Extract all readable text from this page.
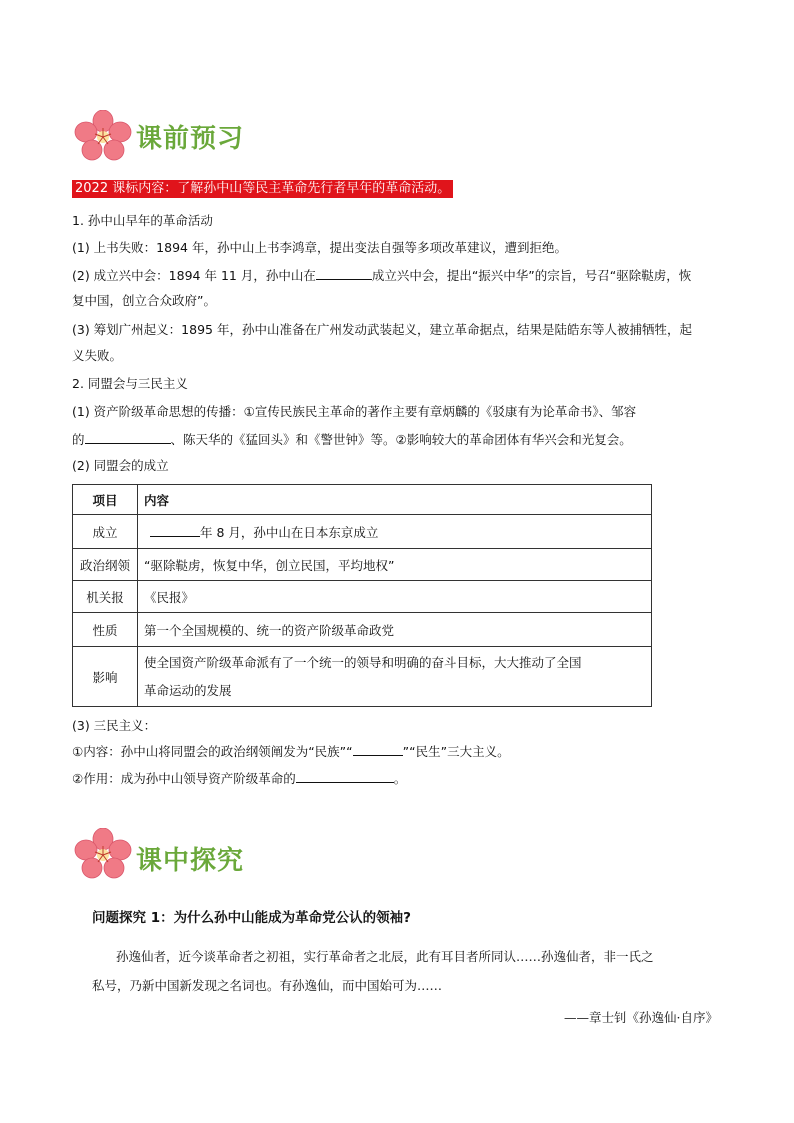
课前预习
2022 课标内容：了解孙中山等民主革命先行者早年的革命活动。
1. 孙中山早年的革命活动
(1) 上书失败：1894 年，孙中山上书李鸿章，提出变法自强等多项改革建议，遭到拒绝。
(2) 成立兴中会：1894 年 11 月，孙中山在	成立兴中会，提出“振兴中华”的宗旨，号召“驱除鞑虏，恢
复中国，创立合众政府”。
(3) 筹划广州起义：1895 年，孙中山准备在广州发动武装起义，建立革命据点，结果是陆皓东等人被捕牺牲，起
义失败。
2. 同盟会与三民主义
(1) 资产阶级革命思想的传播：①宣传民族民主革命的著作主要有章炳麟的《驳康有为论革命书》、邹容
的	、陈天华的《猛回头》和《警世钟》等。②影响较大的革命团体有华兴会和光复会。
(2) 同盟会的成立
项目	内容
成立	年 8 月，孙中山在日本东京成立
政治纲领	“驱除鞑虏，恢复中华，创立民国，平均地权”
机关报	《民报》
性质	第一个全国规模的、统一的资产阶级革命政党
影响	使全国资产阶级革命派有了一个统一的领导和明确的奋斗目标，大大推动了全国
革命运动的发展
(3) 三民主义：
①内容：孙中山将同盟会的政治纲领阐发为“民族”“	”“民生”三大主义。
②作用：成为孙中山领导资产阶级革命的	。
课中探究
问题探究 1：为什么孙中山能成为革命党公认的领袖?
孙逸仙者，近今谈革命者之初祖，实行革命者之北辰，此有耳目者所同认……孙逸仙者，非一氏之
私号，乃新中国新发现之名词也。有孙逸仙，而中国始可为……
——章士钊《孙逸仙·自序》
